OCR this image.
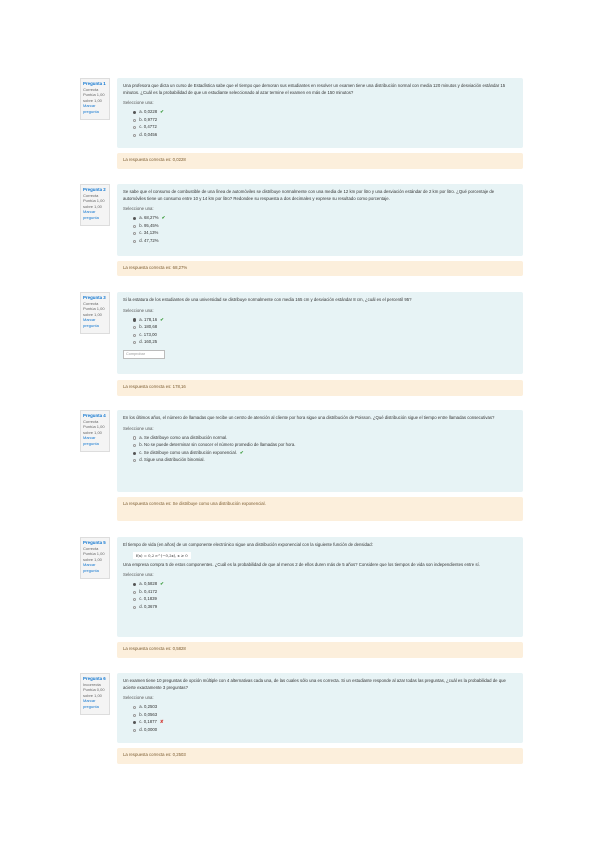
Pregunta 1
Correcta
Puntúa 1,00 sobre 1,00
Marcar pregunta
Una profesora que dicta un curso de Estadística sabe que el tiempo que demoran sus estudiantes en resolver un examen tiene una distribución normal con media 120 minutos y desviación estándar 15 minutos. ¿Cuál es la probabilidad de que un estudiante seleccionado al azar termine el examen en más de 150 minutos?
Seleccione una:
a.
0,0228 ✔
b.
0,9772
c.
0,4772
d.
0,0456
La respuesta correcta es: 0,0228
Pregunta 2
Correcta
Puntúa 1,00 sobre 1,00
Marcar pregunta
Se sabe que el consumo de combustible de una línea de automóviles se distribuye normalmente con una media de 12 km por litro y una desviación estándar de 2 km por litro. ¿Qué porcentaje de automóviles tiene un consumo entre 10 y 14 km por litro? Redondee su respuesta a dos decimales y exprese su resultado como porcentaje.
Seleccione una:
a.
68,27% ✔
b.
95,45%
c.
34,13%
d.
47,72%
La respuesta correcta es: 68,27%
Pregunta 3
Correcta
Puntúa 1,00 sobre 1,00
Marcar pregunta
Si la estatura de los estudiantes de una universidad se distribuye normalmente con media 165 cm y desviación estándar 8 cm, ¿cuál es el percentil 95?
Seleccione una:
a.
178,16 ✔
b.
180,68
c.
173,00
d.
160,25
Comprobar
La respuesta correcta es: 178,16
Pregunta 4
Correcta
Puntúa 1,00 sobre 1,00
Marcar pregunta
En los últimos años, el número de llamadas que recibe un centro de atención al cliente por hora sigue una distribución de Poisson. ¿Qué distribución sigue el tiempo entre llamadas consecutivas?
Seleccione una:
a.
Se distribuye como una distribución normal.
b.
No se puede determinar sin conocer el número promedio de llamadas por hora.
c.
Se distribuye como una distribución exponencial. ✔
d.
Sigue una distribución binomial.
La respuesta correcta es: Se distribuye como una distribución exponencial.
Pregunta 5
Correcta
Puntúa 1,00 sobre 1,00
Marcar pregunta
El tiempo de vida (en años) de un componente electrónico sigue una distribución exponencial con la siguiente función de densidad:
f(x) = 0,2 e^(−0,2x), x ≥ 0
Una empresa compra 5 de estos componentes. ¿Cuál es la probabilidad de que al menos 2 de ellos duren más de 5 años? Considere que los tiempos de vida son independientes entre sí.
Seleccione una:
a.
0,5828 ✔
b.
0,4172
c.
0,1839
d.
0,3679
La respuesta correcta es: 0,5828
Pregunta 6
Incorrecta
Puntúa 0,00 sobre 1,00
Marcar pregunta
Un examen tiene 10 preguntas de opción múltiple con 4 alternativas cada una, de las cuales sólo una es correcta. Si un estudiante responde al azar todas las preguntas, ¿cuál es la probabilidad de que acierte exactamente 3 preguntas?
Seleccione una:
a.
0,2503
b.
0,0563
c.
0,1877 ✘
d.
0,0000
La respuesta correcta es: 0,2503
